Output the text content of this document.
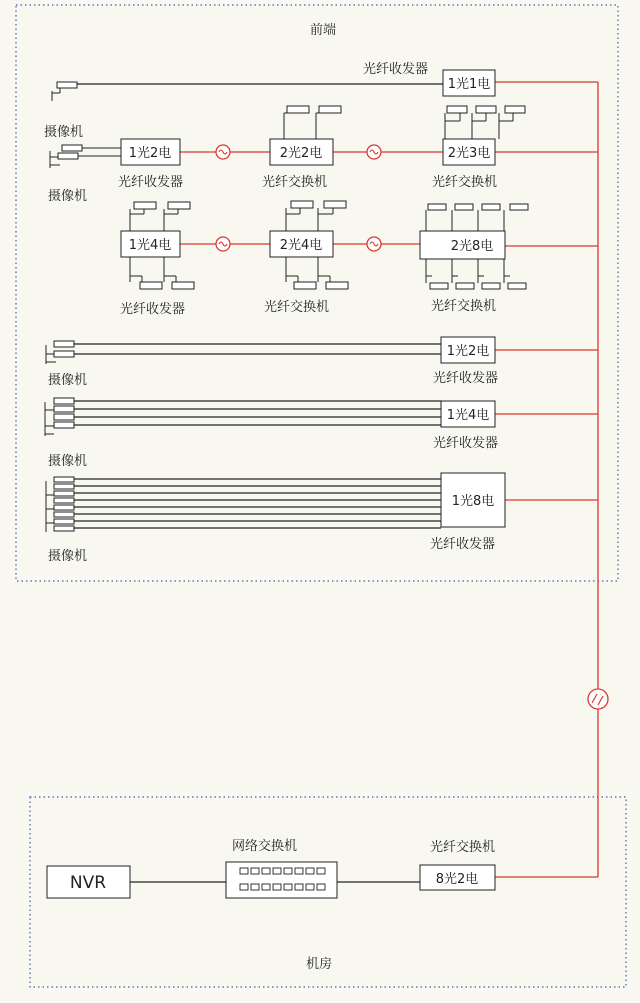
前端
机房
光纤收发器
1光1电
摄像机
摄像机
1光2电
光纤收发器
2光2电
光纤交换机
2光3电
光纤交换机
1光4电
光纤收发器
2光4电
光纤交换机
2光8电
光纤交换机
1光2电
摄像机	光纤收发器
1光4电
摄像机
光纤收发器
1光8电
摄像机
光纤收发器
NVR
网络交换机	光纤交换机
8光2电
